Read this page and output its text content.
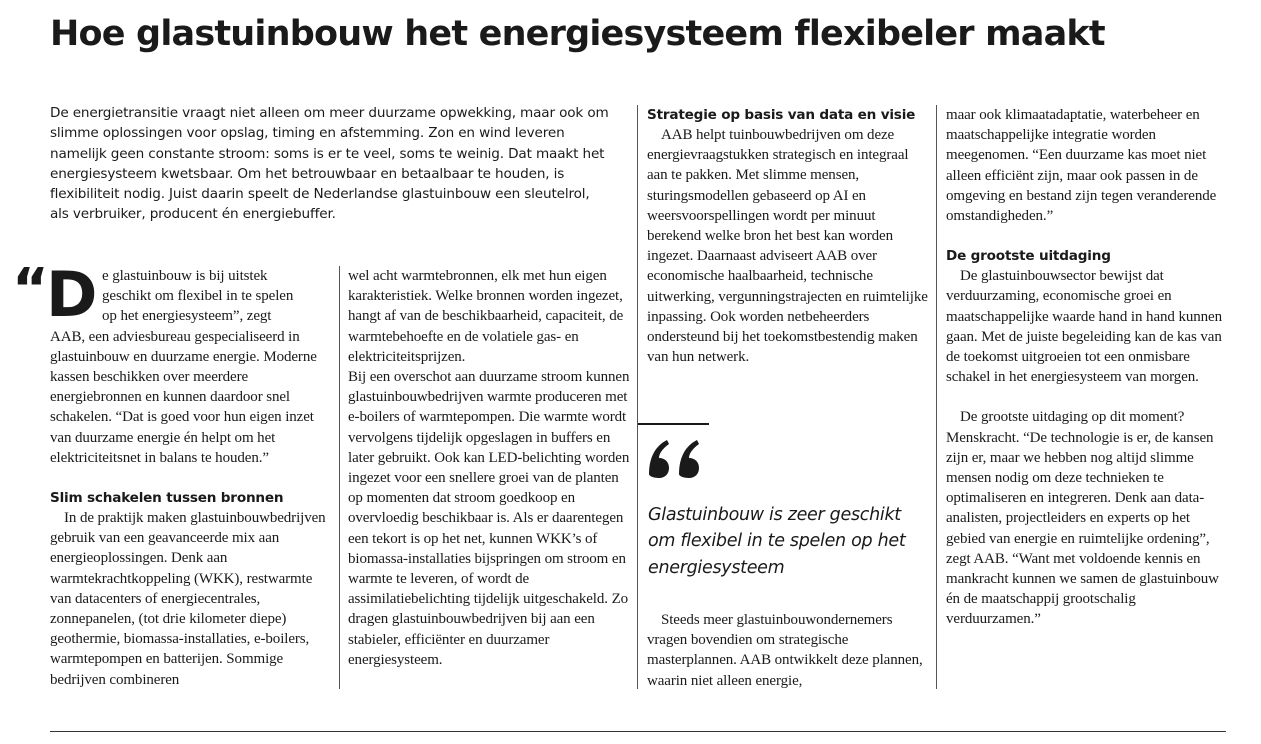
Hoe glastuinbouw het energiesysteem flexibeler maakt

De energietransitie vraagt niet alleen om meer duurzame opwekking, maar ook om slimme oplossingen voor opslag, timing en afstemming. Zon en wind leveren namelijk geen constante stroom: soms is er te veel, soms te weinig. Dat maakt het energiesysteem kwetsbaar. Om het betrouwbaar en betaalbaar te houden, is flexibiliteit nodig. Juist daarin speelt de Nederlandse glastuinbouw een sleutelrol, als verbruiker, producent én energiebuffer.

“
D e glastuinbouw is bij uitstek

geschikt om flexibel in te spelen

op het energiesysteem”, zegt

AAB, een adviesbureau gespecialiseerd in glastuinbouw en duurzame energie. Moderne kassen beschikken over meerdere energiebronnen en kunnen daardoor snel schakelen. “Dat is goed voor hun eigen inzet van duurzame energie én helpt om het elektriciteitsnet in balans te houden.”

Slim schakelen tussen bronnen

In de praktijk maken glastuinbouwbedrijven gebruik van een geavanceerde mix aan energieoplossingen. Denk aan warmtekrachtkoppeling (WKK), restwarmte van datacenters of energiecentrales, zonnepanelen, (tot drie kilometer diepe) geothermie, biomassa-installaties, e-boilers, warmtepompen en batterijen. Sommige bedrijven combineren

wel acht warmtebronnen, elk met hun eigen karakteristiek. Welke bronnen worden ingezet, hangt af van de beschikbaarheid, capaciteit, de warmtebehoefte en de volatiele gas- en elektriciteitsprijzen.

Bij een overschot aan duurzame stroom kunnen glastuinbouwbedrijven warmte produceren met e-boilers of warmtepompen. Die warmte wordt vervolgens tijdelijk opgeslagen in buffers en later gebruikt. Ook kan LED-belichting worden ingezet voor een snellere groei van de planten op momenten dat stroom goedkoop en overvloedig beschikbaar is. Als er daarentegen een tekort is op het net, kunnen WKK’s of biomassa-installaties bijspringen om stroom en warmte te leveren, of wordt de assimilatiebelichting tijdelijk uitgeschakeld. Zo dragen glastuinbouwbedrijven bij aan een stabieler, efficiënter en duurzamer energiesysteem.

Strategie op basis van data en visie

AAB helpt tuinbouwbedrijven om deze energievraagstukken strategisch en integraal aan te pakken. Met slimme mensen, sturingsmodellen gebaseerd op AI en weersvoorspellingen wordt per minuut berekend welke bron het best kan worden ingezet. Daarnaast adviseert AAB over economische haalbaarheid, technische uitwerking, vergunningstrajecten en ruimtelijke inpassing. Ook worden netbeheerders ondersteund bij het toekomstbestendig maken van hun netwerk.

Glastuinbouw is zeer geschikt om flexibel in te spelen op het energiesysteem

Steeds meer glastuinbouwondernemers vragen bovendien om strategische masterplannen. AAB ontwikkelt deze plannen, waarin niet alleen energie,

maar ook klimaatadaptatie, waterbeheer en maatschappelijke integratie worden meegenomen. “Een duurzame kas moet niet alleen efficiënt zijn, maar ook passen in de omgeving en bestand zijn tegen veranderende omstandigheden.”

De grootste uitdaging

De glastuinbouwsector bewijst dat verduurzaming, economische groei en maatschappelijke waarde hand in hand kunnen gaan. Met de juiste begeleiding kan de kas van de toekomst uitgroeien tot een onmisbare schakel in het energiesysteem van morgen.

De grootste uitdaging op dit moment? Menskracht. “De technologie is er, de kansen zijn er, maar we hebben nog altijd slimme mensen nodig om deze technieken te optimaliseren en integreren. Denk aan data-analisten, projectleiders en experts op het gebied van energie en ruimtelijke ordening”, zegt AAB. “Want met voldoende kennis en mankracht kunnen we samen de glastuinbouw én de maatschappij grootschalig verduurzamen.”
